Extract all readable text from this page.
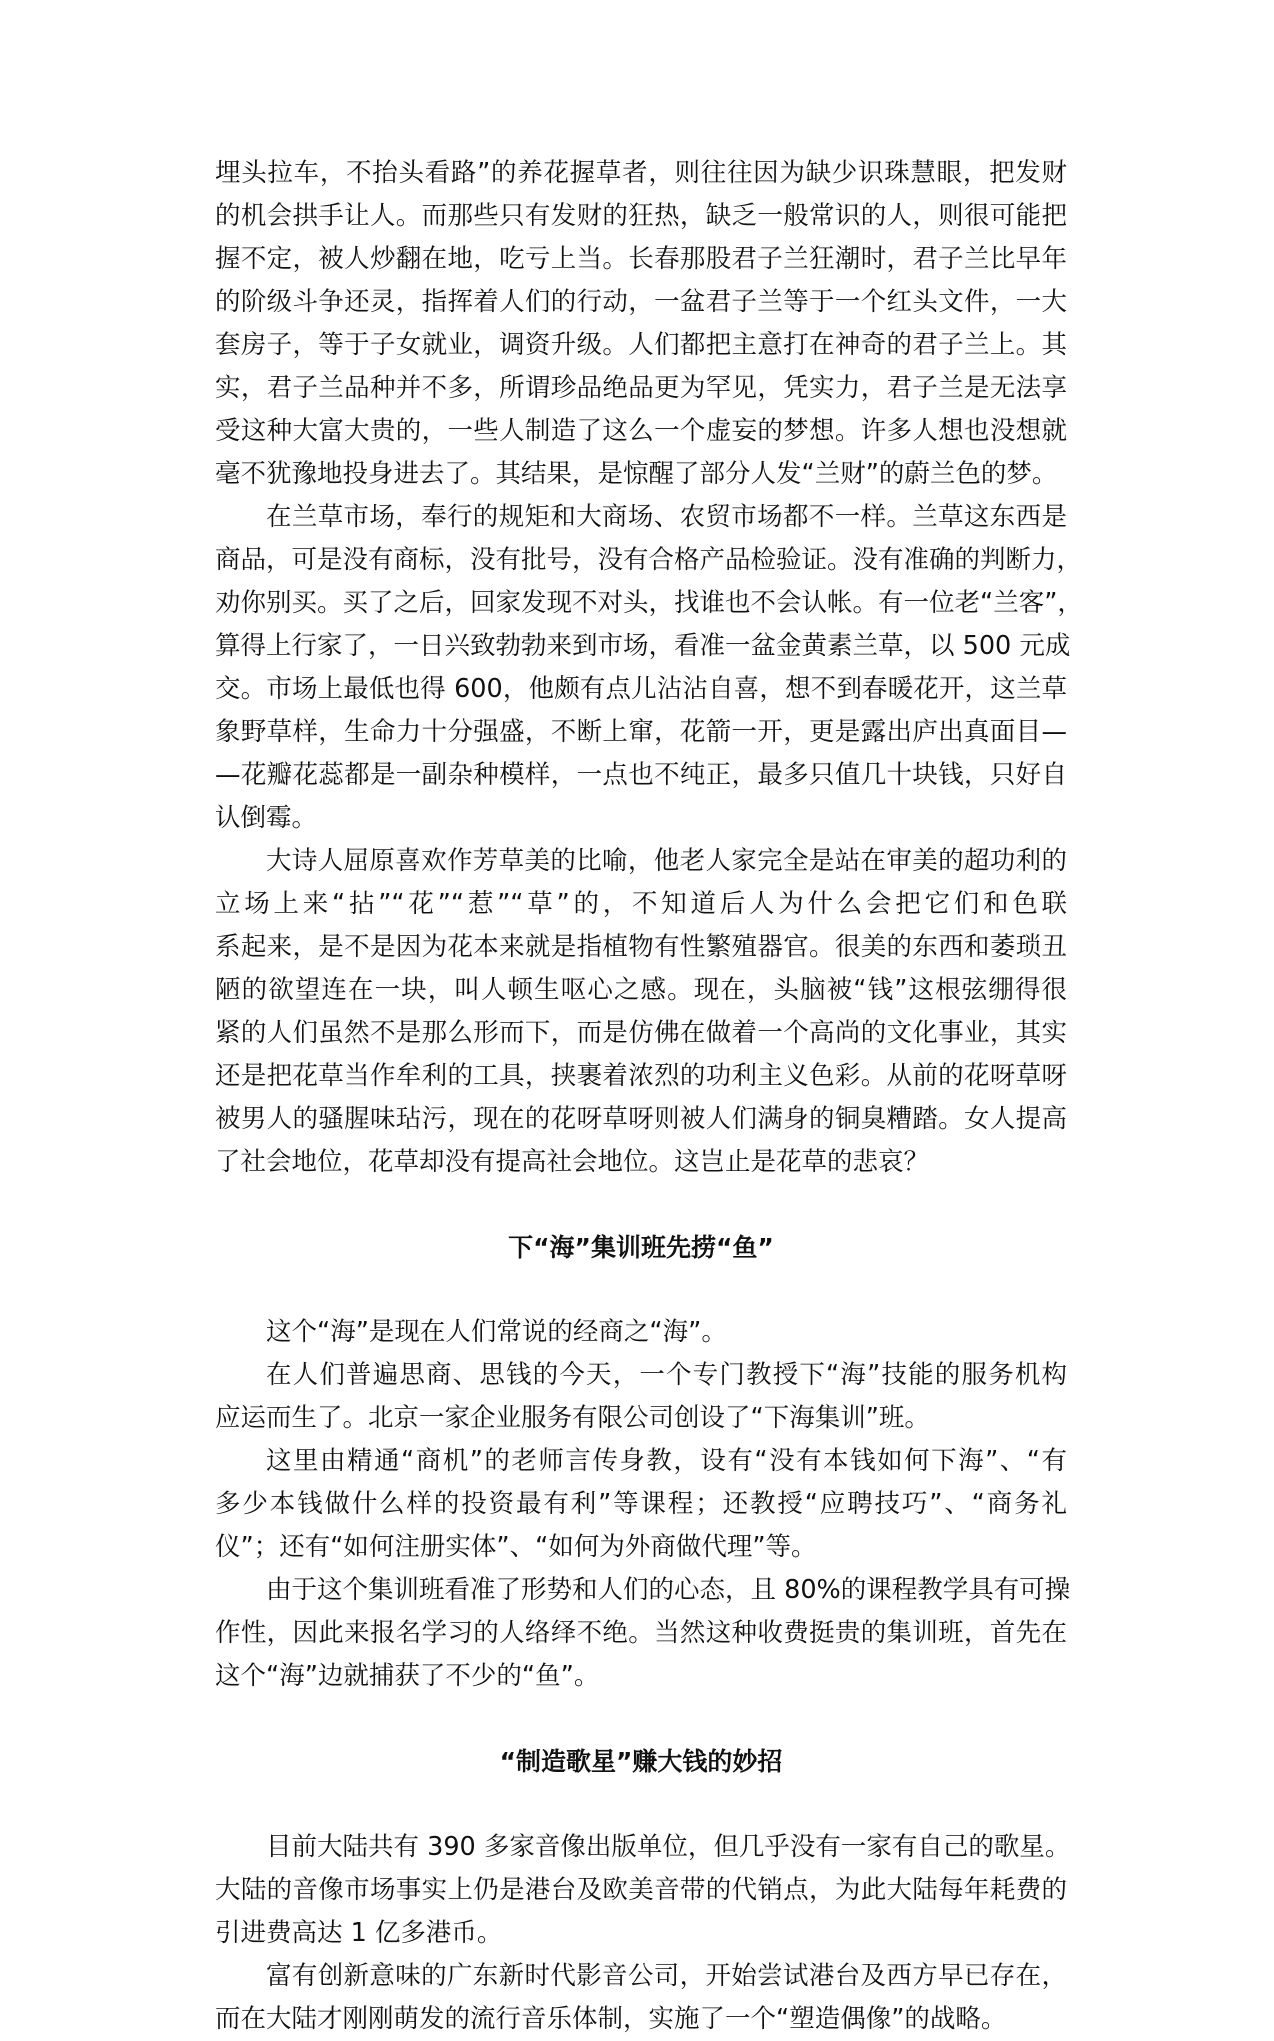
埋头拉车，不抬头看路”的养花握草者，则往往因为缺少识珠慧眼，把发财
的机会拱手让人。而那些只有发财的狂热，缺乏一般常识的人，则很可能把
握不定，被人炒翻在地，吃亏上当。长春那股君子兰狂潮时，君子兰比早年
的阶级斗争还灵，指挥着人们的行动，一盆君子兰等于一个红头文件，一大
套房子，等于子女就业，调资升级。人们都把主意打在神奇的君子兰上。其
实，君子兰品种并不多，所谓珍品绝品更为罕见，凭实力，君子兰是无法享
受这种大富大贵的，一些人制造了这么一个虚妄的梦想。许多人想也没想就
毫不犹豫地投身进去了。其结果，是惊醒了部分人发“兰财”的蔚兰色的梦。
在兰草市场，奉行的规矩和大商场、农贸市场都不一样。兰草这东西是
商品，可是没有商标，没有批号，没有合格产品检验证。没有准确的判断力，
劝你别买。买了之后，回家发现不对头，找谁也不会认帐。有一位老“兰客”，
算得上行家了，一日兴致勃勃来到市场，看准一盆金黄素兰草，以 500 元成
交。市场上最低也得 600，他颇有点儿沾沾自喜，想不到春暖花开，这兰草
象野草样，生命力十分强盛，不断上窜，花箭一开，更是露出庐出真面目—
—花瓣花蕊都是一副杂种模样，一点也不纯正，最多只值几十块钱，只好自
认倒霉。
大诗人屈原喜欢作芳草美的比喻，他老人家完全是站在审美的超功利的
立场上来“拈”“花”“惹”“草”的，不知道后人为什么会把它们和色联
系起来，是不是因为花本来就是指植物有性繁殖器官。很美的东西和萎琐丑
陋的欲望连在一块，叫人顿生呕心之感。现在，头脑被“钱”这根弦绷得很
紧的人们虽然不是那么形而下，而是仿佛在做着一个高尚的文化事业，其实
还是把花草当作牟利的工具，挟裹着浓烈的功利主义色彩。从前的花呀草呀
被男人的骚腥味玷污，现在的花呀草呀则被人们满身的铜臭糟踏。女人提高
了社会地位，花草却没有提高社会地位。这岂止是花草的悲哀？
下“海”集训班先捞“鱼”
这个“海”是现在人们常说的经商之“海”。
在人们普遍思商、思钱的今天，一个专门教授下“海”技能的服务机构
应运而生了。北京一家企业服务有限公司创设了“下海集训”班。
这里由精通“商机”的老师言传身教，设有“没有本钱如何下海”、“有
多少本钱做什么样的投资最有利”等课程；还教授“应聘技巧”、“商务礼
仪”；还有“如何注册实体”、“如何为外商做代理”等。
由于这个集训班看准了形势和人们的心态，且 80%的课程教学具有可操
作性，因此来报名学习的人络绎不绝。当然这种收费挺贵的集训班，首先在
这个“海”边就捕获了不少的“鱼”。
“制造歌星”赚大钱的妙招
目前大陆共有 390 多家音像出版单位，但几乎没有一家有自己的歌星。
大陆的音像市场事实上仍是港台及欧美音带的代销点，为此大陆每年耗费的
引进费高达 1 亿多港币。
富有创新意味的广东新时代影音公司，开始尝试港台及西方早已存在，
而在大陆才刚刚萌发的流行音乐体制，实施了一个“塑造偶像”的战略。
